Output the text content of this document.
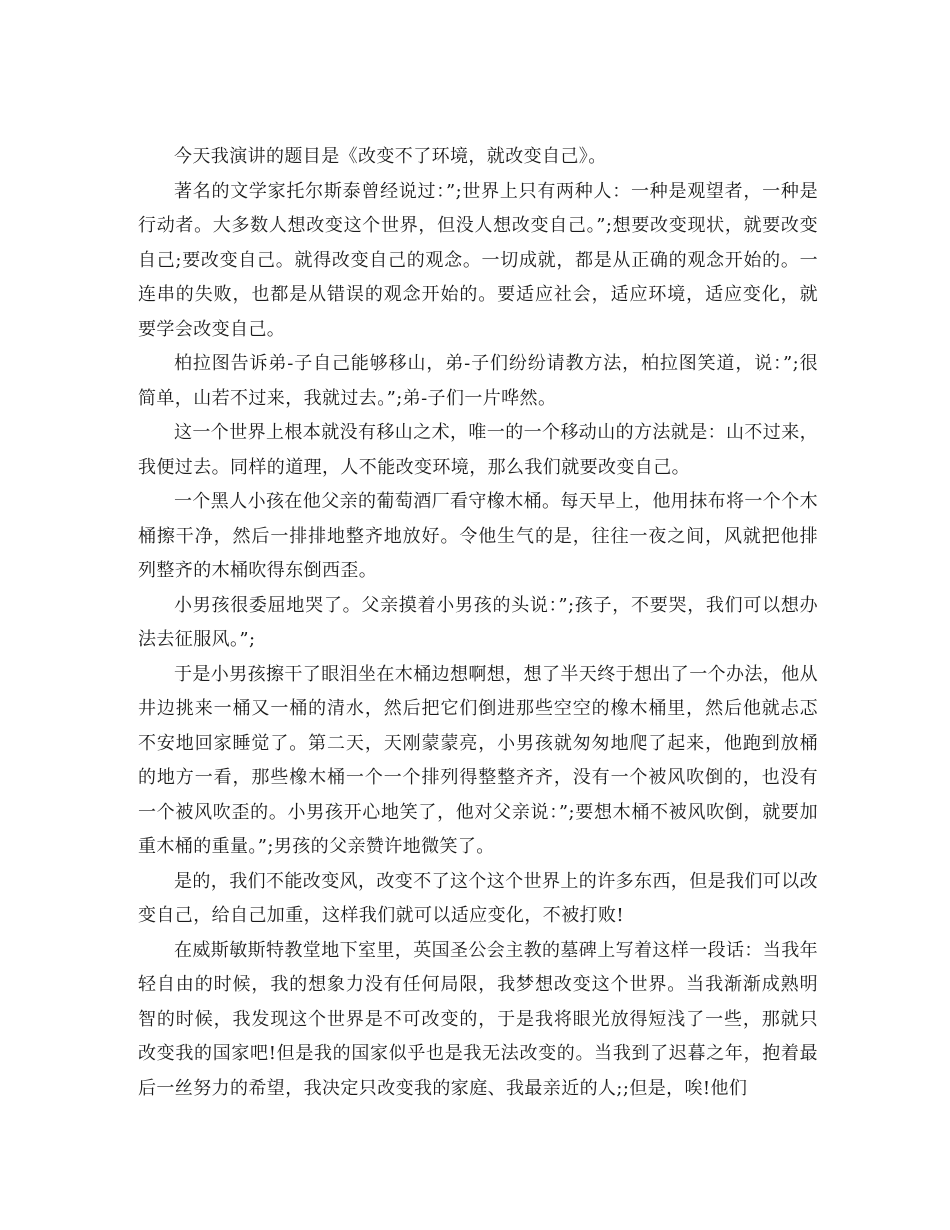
今天我演讲的题目是《改变不了环境，就改变自己》。

著名的文学家托尔斯泰曾经说过：”;世界上只有两种人：一种是观望者，一种是行动者。大多数人想改变这个世界，但没人想改变自己。”;想要改变现状，就要改变自己;要改变自己。就得改变自己的观念。一切成就，都是从正确的观念开始的。一连串的失败，也都是从错误的观念开始的。要适应社会，适应环境，适应变化，就要学会改变自己。

柏拉图告诉弟-子自己能够移山，弟-子们纷纷请教方法，柏拉图笑道，说：”;很简单，山若不过来，我就过去。”;弟-子们一片哗然。

这一个世界上根本就没有移山之术，唯一的一个移动山的方法就是：山不过来，我便过去。同样的道理，人不能改变环境，那么我们就要改变自己。

一个黑人小孩在他父亲的葡萄酒厂看守橡木桶。每天早上，他用抹布将一个个木桶擦干净，然后一排排地整齐地放好。令他生气的是，往往一夜之间，风就把他排列整齐的木桶吹得东倒西歪。

小男孩很委屈地哭了。父亲摸着小男孩的头说：”;孩子，不要哭，我们可以想办法去征服风。”;

于是小男孩擦干了眼泪坐在木桶边想啊想，想了半天终于想出了一个办法，他从井边挑来一桶又一桶的清水，然后把它们倒进那些空空的橡木桶里，然后他就忐忑不安地回家睡觉了。第二天，天刚蒙蒙亮，小男孩就匆匆地爬了起来，他跑到放桶的地方一看，那些橡木桶一个一个排列得整整齐齐，没有一个被风吹倒的，也没有一个被风吹歪的。小男孩开心地笑了，他对父亲说：”;要想木桶不被风吹倒，就要加重木桶的重量。”;男孩的父亲赞许地微笑了。

是的，我们不能改变风，改变不了这个这个世界上的许多东西，但是我们可以改变自己，给自己加重，这样我们就可以适应变化，不被打败!

在威斯敏斯特教堂地下室里，英国圣公会主教的墓碑上写着这样一段话：当我年轻自由的时候，我的想象力没有任何局限，我梦想改变这个世界。当我渐渐成熟明智的时候，我发现这个世界是不可改变的，于是我将眼光放得短浅了一些，那就只改变我的国家吧!但是我的国家似乎也是我无法改变的。当我到了迟暮之年，抱着最后一丝努力的希望，我决定只改变我的家庭、我最亲近的人;;但是，唉!他们
